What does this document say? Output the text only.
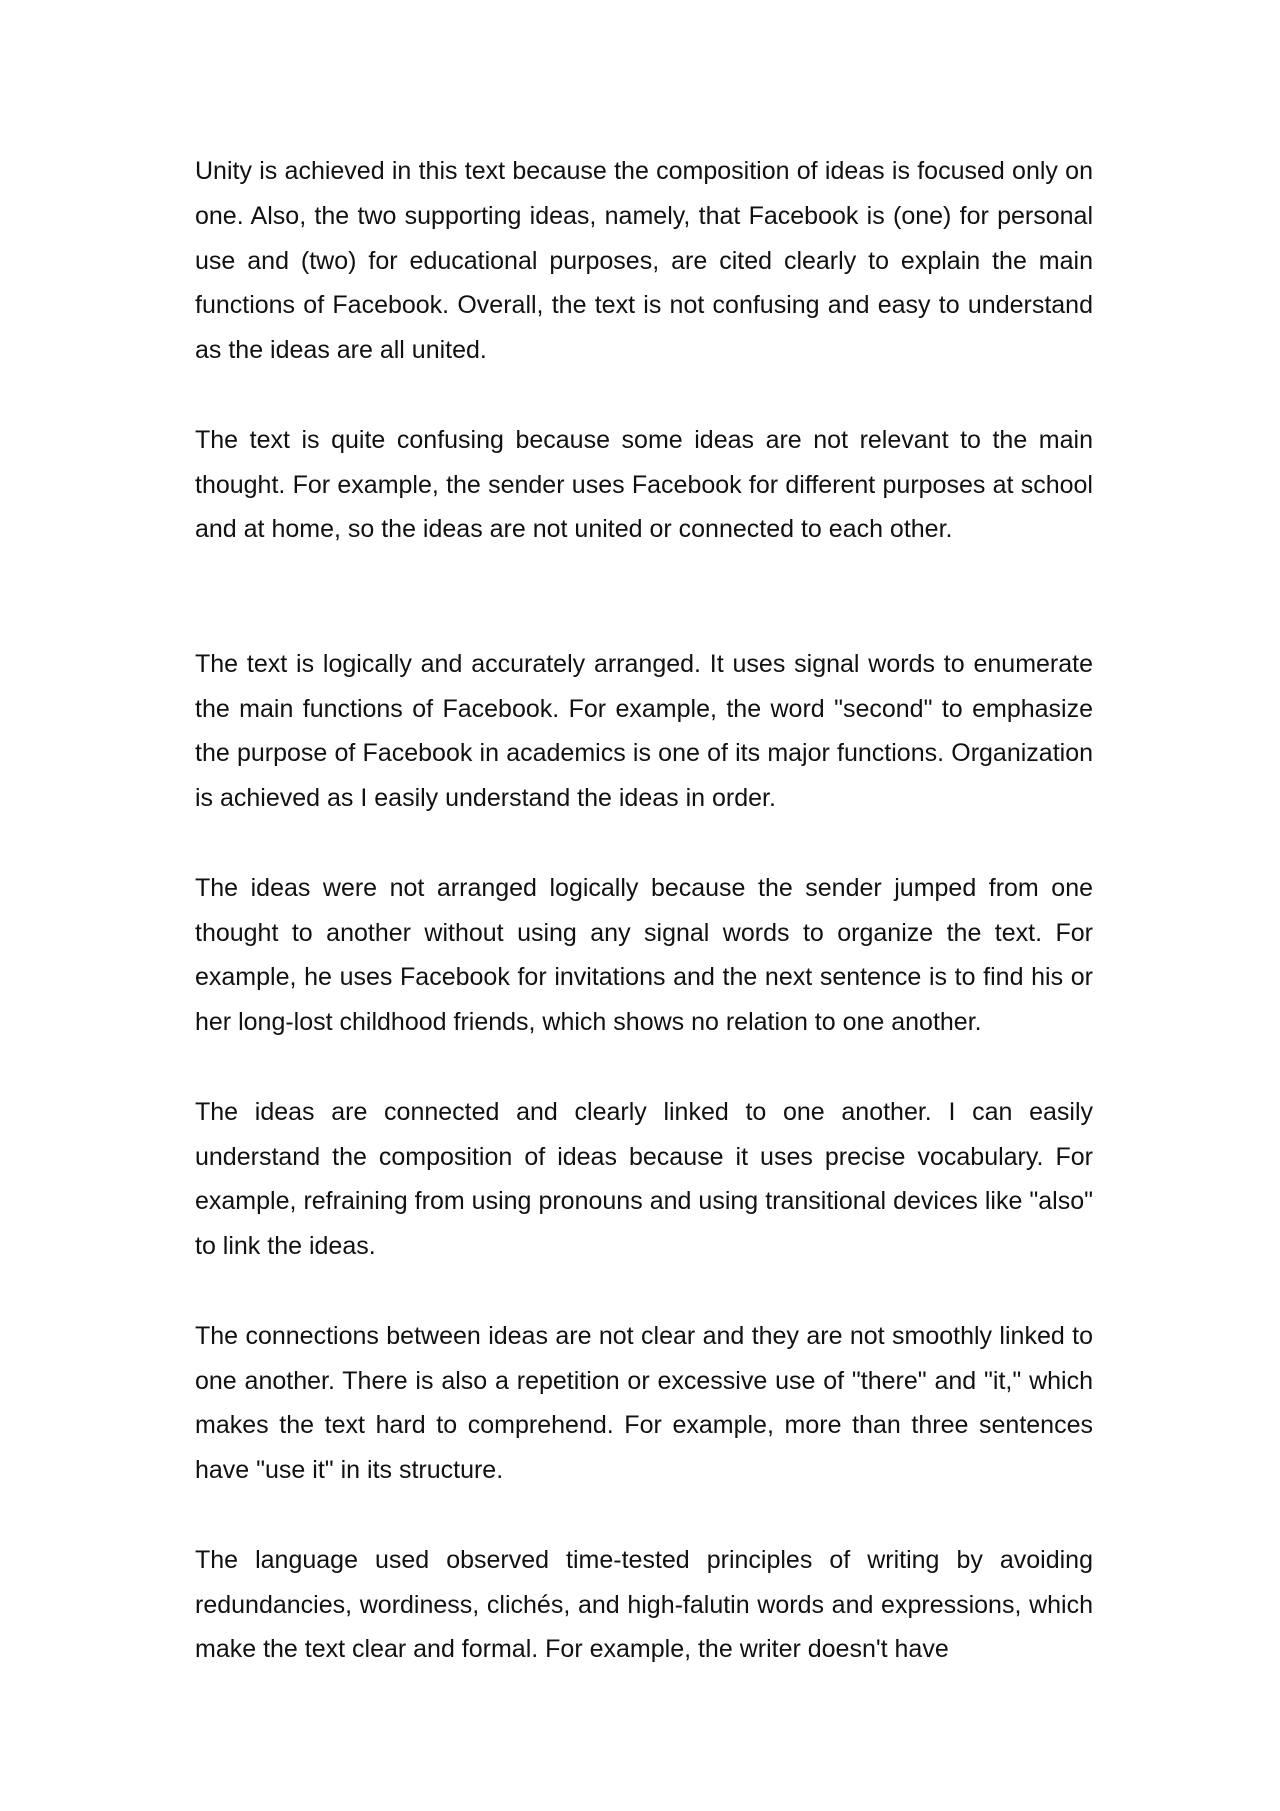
Unity is achieved in this text because the composition of ideas is focused only on one. Also, the two supporting ideas, namely, that Facebook is (one) for personal use and (two) for educational purposes, are cited clearly to explain the main functions of Facebook. Overall, the text is not confusing and easy to understand as the ideas are all united.

The text is quite confusing because some ideas are not relevant to the main thought. For example, the sender uses Facebook for different purposes at school and at home, so the ideas are not united or connected to each other.

The text is logically and accurately arranged. It uses signal words to enumerate the main functions of Facebook. For example, the word "second" to emphasize the purpose of Facebook in academics is one of its major functions. Organization is achieved as I easily understand the ideas in order.

The ideas were not arranged logically because the sender jumped from one thought to another without using any signal words to organize the text. For example, he uses Facebook for invitations and the next sentence is to find his or her long-lost childhood friends, which shows no relation to one another.

The ideas are connected and clearly linked to one another. I can easily understand the composition of ideas because it uses precise vocabulary. For example, refraining from using pronouns and using transitional devices like "also" to link the ideas.

The connections between ideas are not clear and they are not smoothly linked to one another. There is also a repetition or excessive use of "there" and "it," which makes the text hard to comprehend. For example, more than three sentences have "use it" in its structure.

The language used observed time-tested principles of writing by avoiding redundancies, wordiness, clichés, and high-falutin words and expressions, which make the text clear and formal. For example, the writer doesn't have
